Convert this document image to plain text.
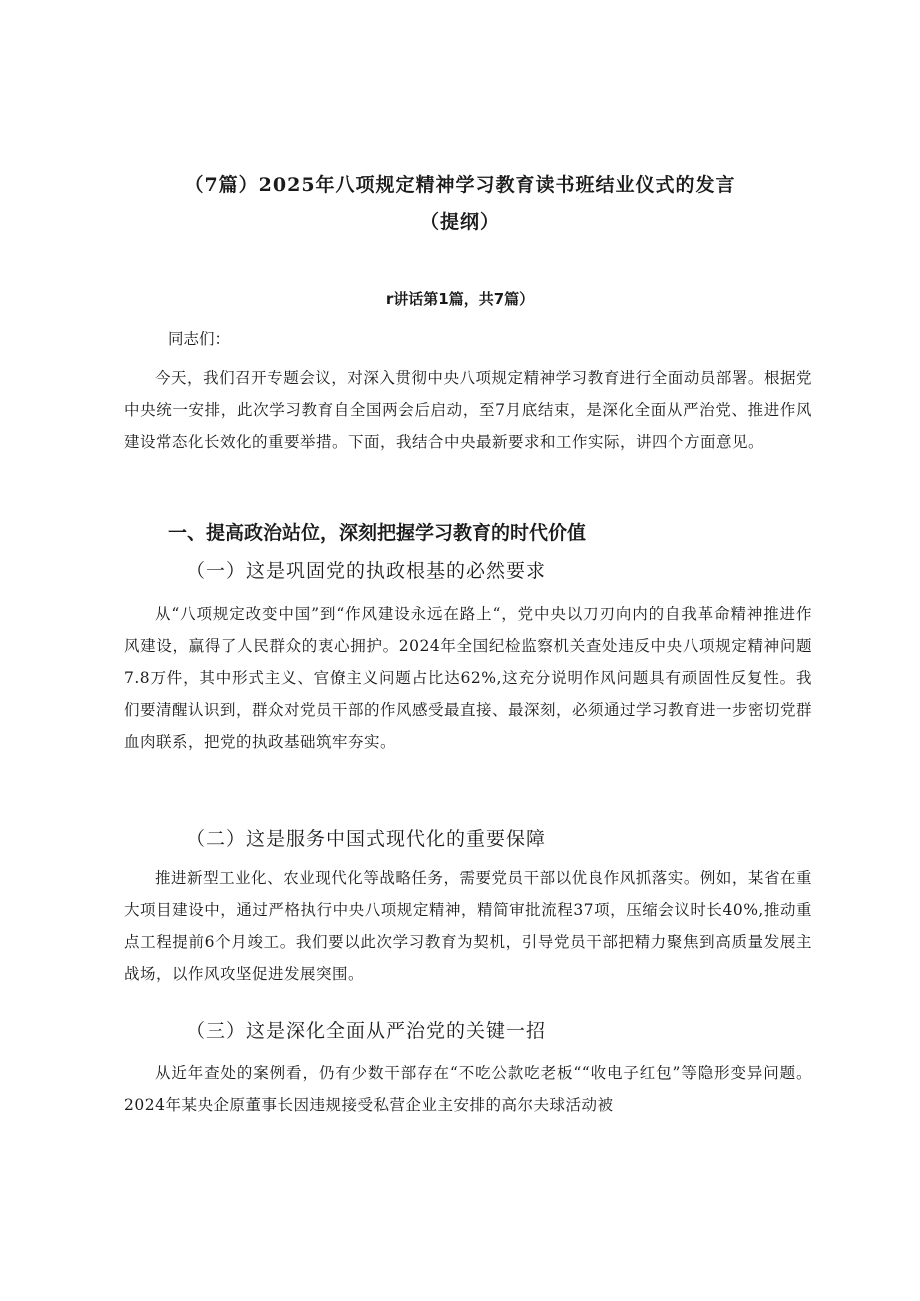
（7篇）2025年八项规定精神学习教育读书班结业仪式的发言
（提纲）
r讲话第1篇，共7篇）
同志们：

今天，我们召开专题会议，对深入贯彻中央八项规定精神学习教育进行全面动员部署。根据党中央统一安排，此次学习教育自全国两会后启动，至7月底结束，是深化全面从严治党、推进作风建设常态化长效化的重要举措。下面，我结合中央最新要求和工作实际，讲四个方面意见。

一、提高政治站位，深刻把握学习教育的时代价值
（一）这是巩固党的执政根基的必然要求

从“八项规定改变中国”到“作风建设永远在路上“，党中央以刀刃向内的自我革命精神推进作风建设，赢得了人民群众的衷心拥护。2024年全国纪检监察机关查处违反中央八项规定精神问题7.8万件，其中形式主义、官僚主义问题占比达62%,这充分说明作风问题具有顽固性反复性。我们要清醒认识到，群众对党员干部的作风感受最直接、最深刻，必须通过学习教育进一步密切党群血肉联系，把党的执政基础筑牢夯实。

（二）这是服务中国式现代化的重要保障

推进新型工业化、农业现代化等战略任务，需要党员干部以优良作风抓落实。例如，某省在重大项目建设中，通过严格执行中央八项规定精神，精简审批流程37项，压缩会议时长40%,推动重点工程提前6个月竣工。我们要以此次学习教育为契机，引导党员干部把精力聚焦到高质量发展主战场，以作风攻坚促进发展突围。

（三）这是深化全面从严治党的关键一招

从近年查处的案例看，仍有少数干部存在“不吃公款吃老板““收电子红包”等隐形变异问题。2024年某央企原董事长因违规接受私营企业主安排的高尔夫球活动被
